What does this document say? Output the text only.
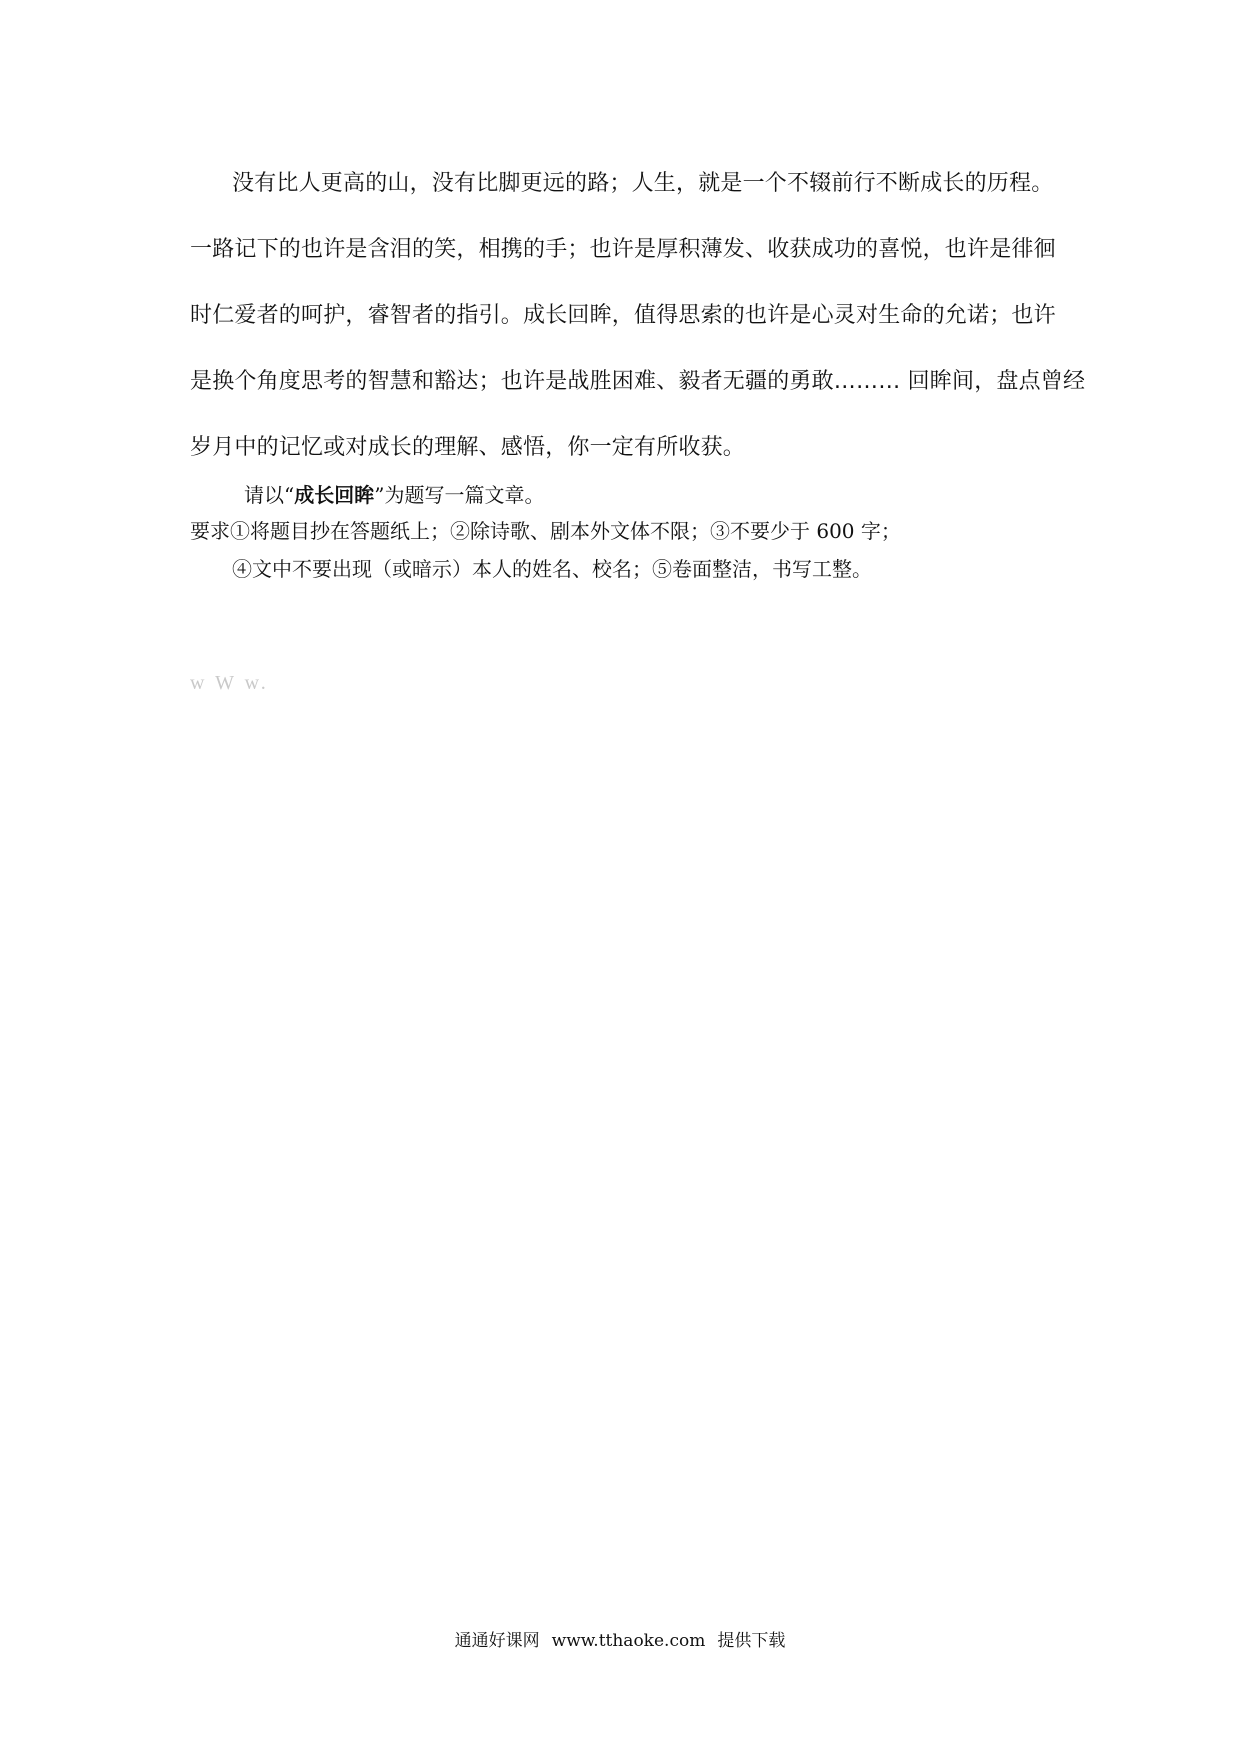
没有比人更高的山，没有比脚更远的路；人生，就是一个不辍前行不断成长的历程。
一路记下的也许是含泪的笑，相携的手；也许是厚积薄发、收获成功的喜悦，也许是徘徊
时仁爱者的呵护，睿智者的指引。成长回眸，值得思索的也许是心灵对生命的允诺；也许
是换个角度思考的智慧和豁达；也许是战胜困难、毅者无疆的勇敢……… 回眸间，盘点曾经
岁月中的记忆或对成长的理解、感悟，你一定有所收获。
请以“成长回眸”为题写一篇文章。
要求①将题目抄在答题纸上；②除诗歌、剧本外文体不限；③不要少于 600 字；
④文中不要出现（或暗示）本人的姓名、校名；⑤卷面整洁，书写工整。
w W w.
通通好课网 www.tthaoke.com 提供下载
